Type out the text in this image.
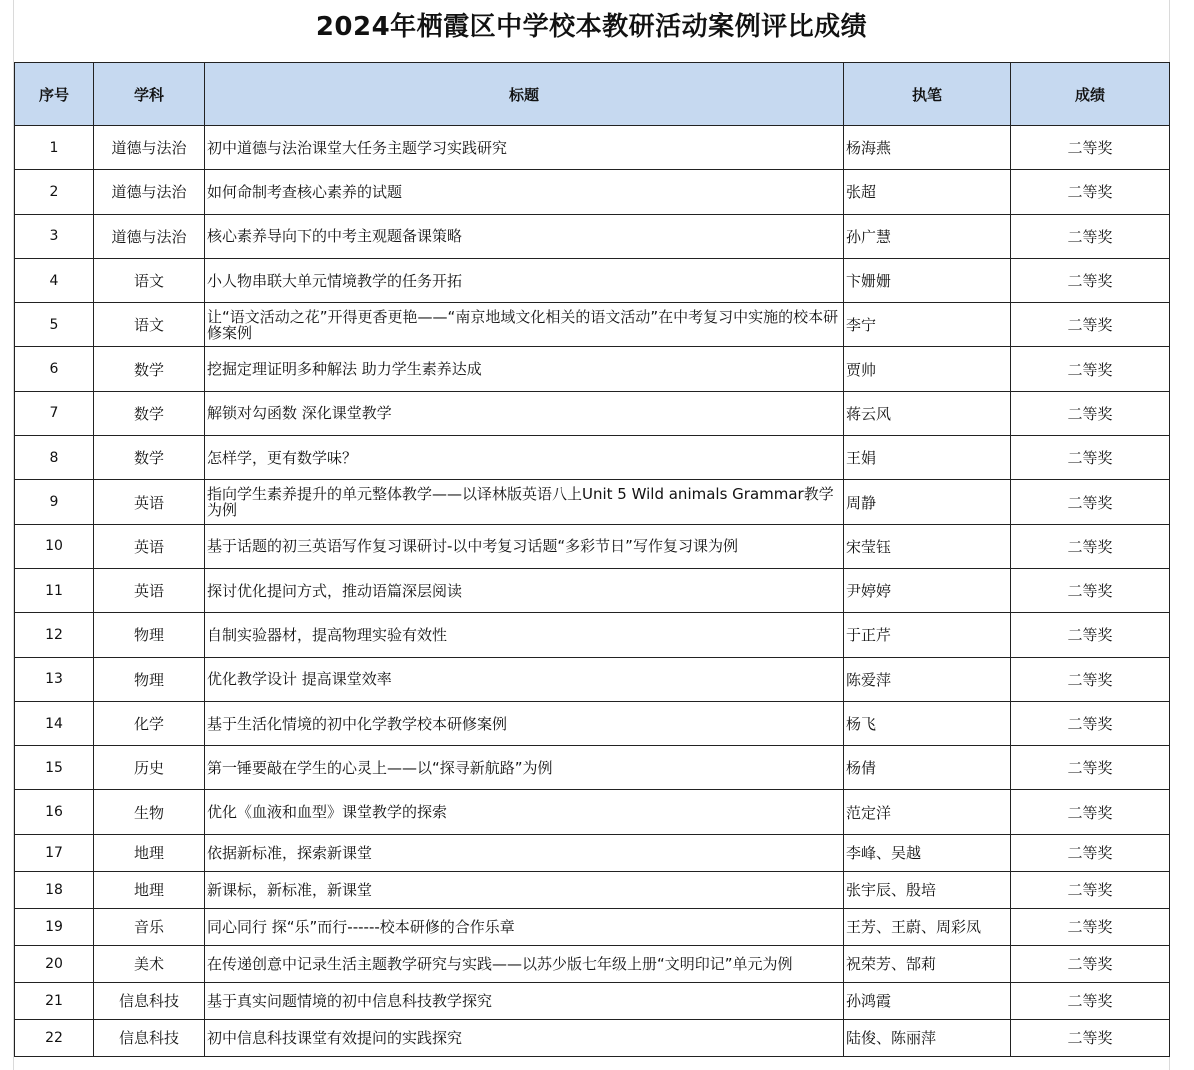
2024年栖霞区中学校本教研活动案例评比成绩
序号	学科	标题	执笔	成绩
1	道德与法治	初中道德与法治课堂大任务主题学习实践研究	杨海燕	二等奖
2	道德与法治	如何命制考查核心素养的试题	张超	二等奖
3	道德与法治	核心素养导向下的中考主观题备课策略	孙广慧	二等奖
4	语文	小人物串联大单元情境教学的任务开拓	卞姗姗	二等奖
5	语文	让“语文活动之花”开得更香更艳——“南京地域文化相关的语文活动”在中考复习中实施的校本研修案例	李宁	二等奖
6	数学	挖掘定理证明多种解法 助力学生素养达成	贾帅	二等奖
7	数学	解锁对勾函数 深化课堂教学	蒋云风	二等奖
8	数学	怎样学，更有数学味？	王娟	二等奖
9	英语	指向学生素养提升的单元整体教学——以译林版英语八上Unit 5 Wild animals Grammar教学为例	周静	二等奖
10	英语	基于话题的初三英语写作复习课研讨-以中考复习话题“多彩节日”写作复习课为例	宋莹钰	二等奖
11	英语	探讨优化提问方式，推动语篇深层阅读	尹婷婷	二等奖
12	物理	自制实验器材，提高物理实验有效性	于正芹	二等奖
13	物理	优化教学设计 提高课堂效率	陈爱萍	二等奖
14	化学	基于生活化情境的初中化学教学校本研修案例	杨飞	二等奖
15	历史	第一锤要敲在学生的心灵上——以“探寻新航路”为例	杨倩	二等奖
16	生物	优化《血液和血型》课堂教学的探索	范定洋	二等奖
17	地理	依据新标准，探索新课堂	李峰、吴越	二等奖
18	地理	新课标，新标准，新课堂	张宇辰、殷培	二等奖
19	音乐	同心同行 探“乐”而行------校本研修的合作乐章	王芳、王蔚、周彩凤	二等奖
20	美术	在传递创意中记录生活主题教学研究与实践——以苏少版七年级上册“文明印记”单元为例	祝荣芳、郜莉	二等奖
21	信息科技	基于真实问题情境的初中信息科技教学探究	孙鸿霞	二等奖
22	信息科技	初中信息科技课堂有效提问的实践探究	陆俊、陈丽萍	二等奖
